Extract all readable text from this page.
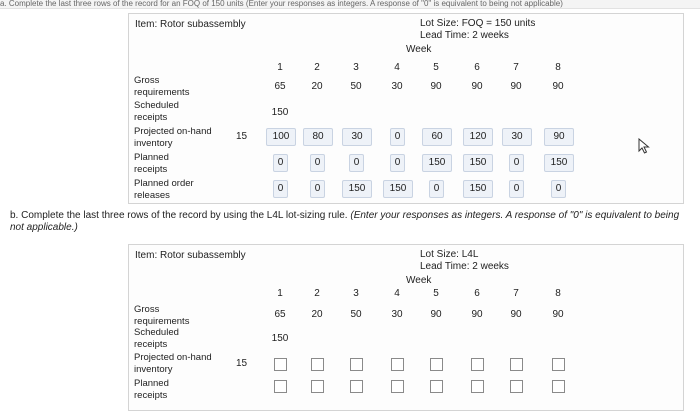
a. Complete the last three rows of the record for an FOQ of 150 units (Enter your responses as integers. A response of "0" is equivalent to being not applicable)
Item: Rotor subassembly	Lot Size: FOQ = 150 units
Lead Time: 2 weeks
Week
Gross requirements
Scheduled receipts
Projected on-hand inventory
Planned receipts
Planned order releases
15
1
65
150
100
0
0
2
20
80
0
0
3
50
30
0
150
4
30
0
0
150
5
90
60
150
0
6
90
120
150
150
7
90
30
0
0
8
90
90
150
0
b. Complete the last three rows of the record by using the L4L lot-sizing rule. (Enter your responses as integers. A response of "0" is equivalent to being not applicable.)
Item: Rotor subassembly	Lot Size: L4L
Lead Time: 2 weeks
Week
Gross requirements
Scheduled receipts
Projected on-hand inventory
Planned receipts
15
1
65
150
2
20
3
50
4
30
5
90
6
90
7
90
8
90
